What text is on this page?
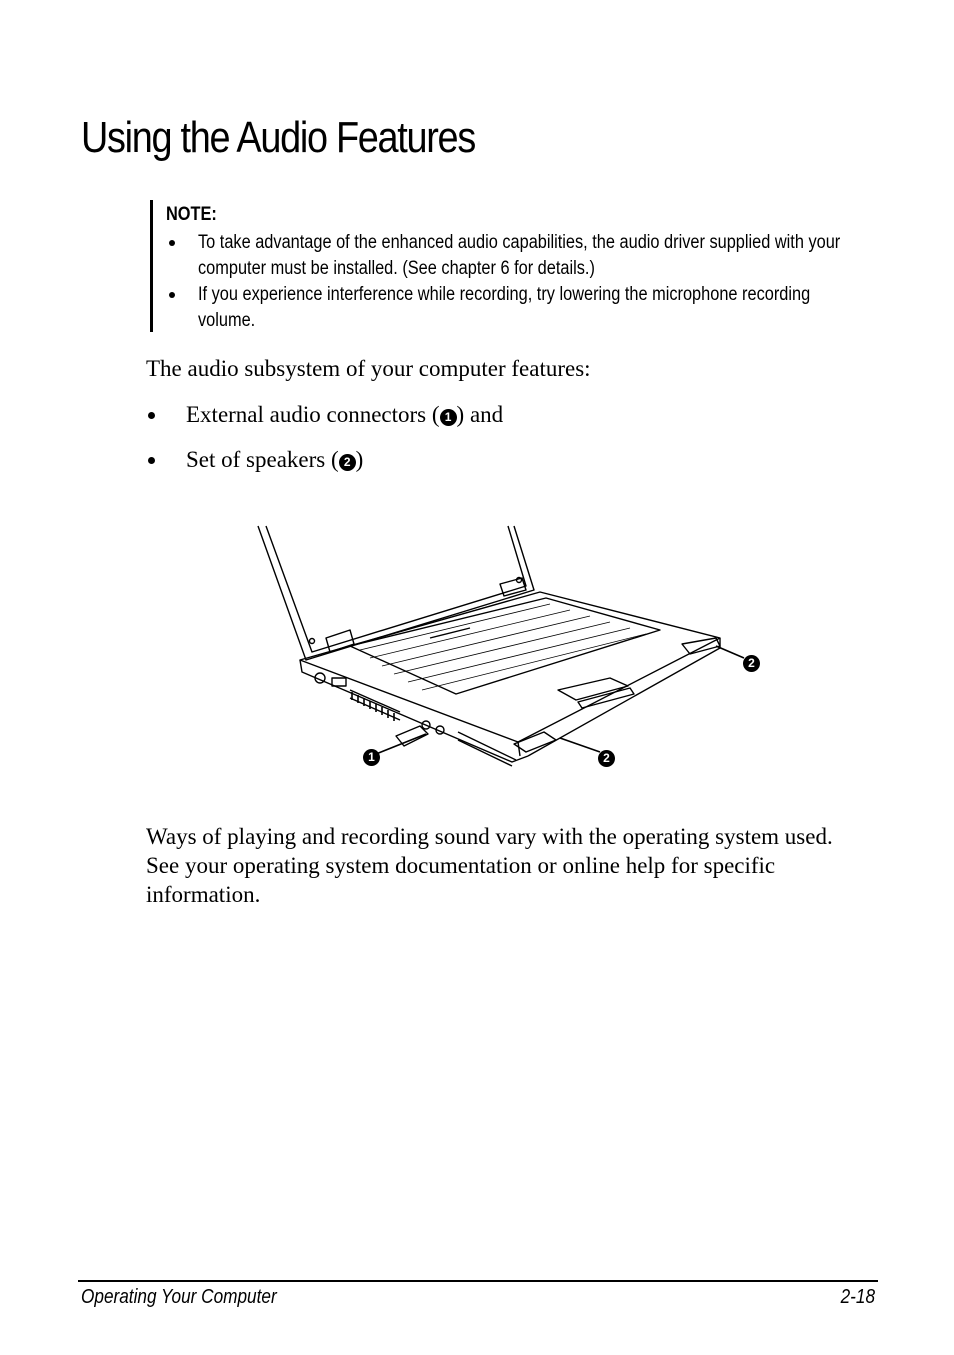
Using the Audio Features
NOTE:
To take advantage of the enhanced audio capabilities, the audio driver supplied with your computer must be installed. (See chapter 6 for details.)
If you experience interference while recording, try lowering the microphone recording volume.
The audio subsystem of your computer features:
External audio connectors ( 1 ) and
Set of speakers ( 2 )
2
1	2
Ways of playing and recording sound vary with the operating system used. See your operating system documentation or online help for specific information.
Operating Your Computer	2-18
